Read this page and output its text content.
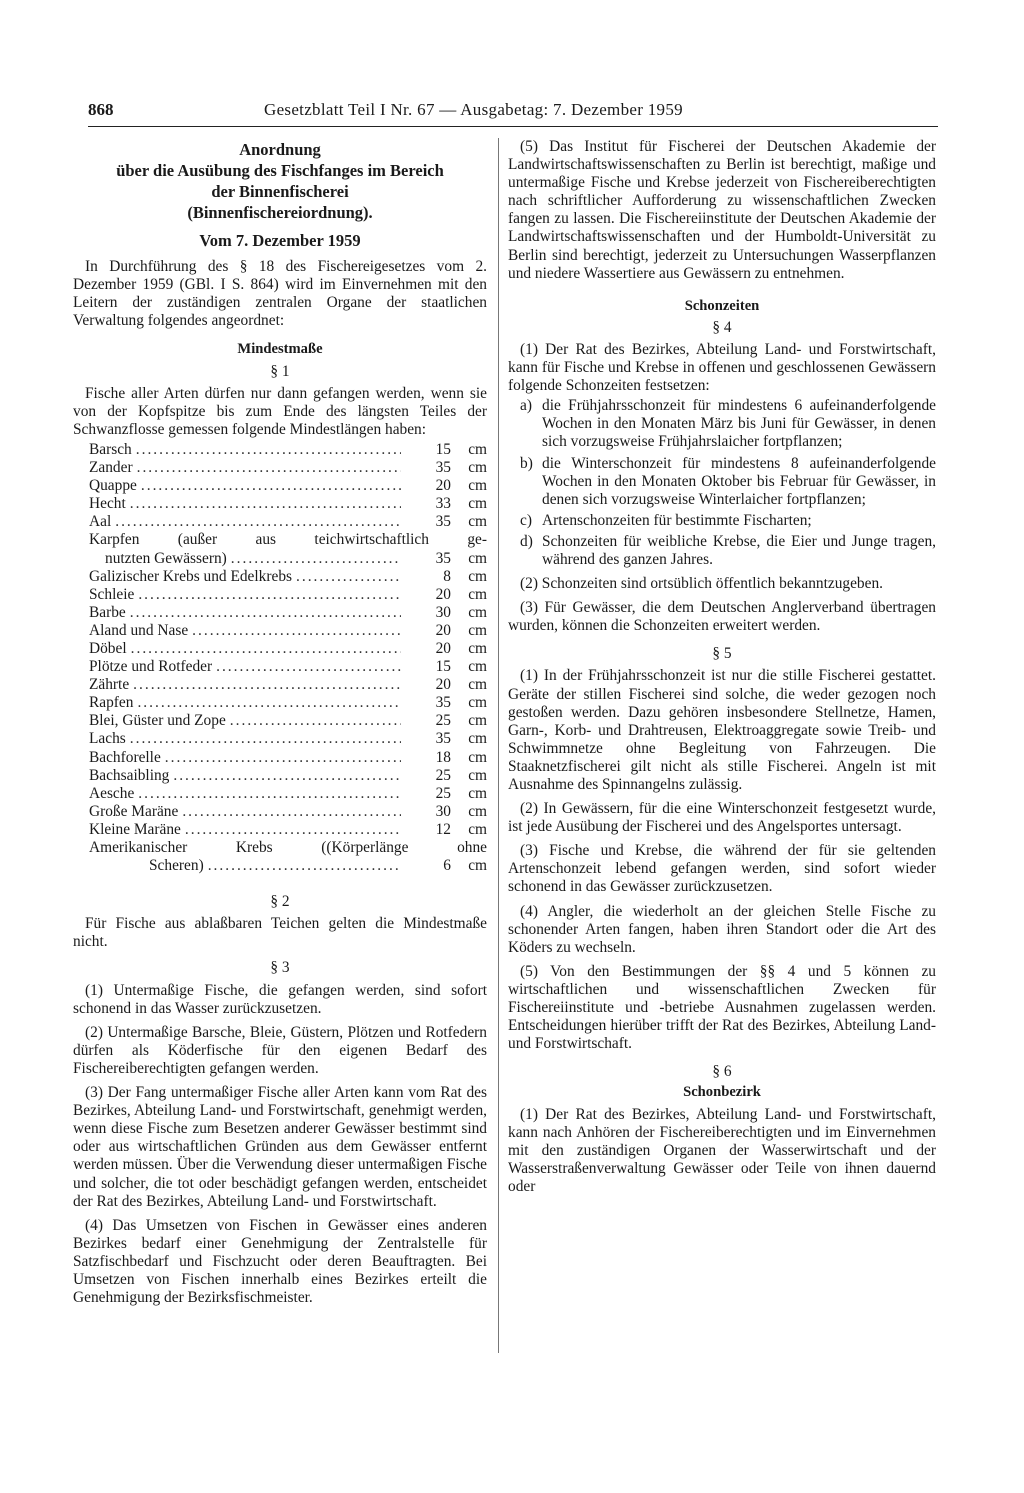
868	Gesetzblatt Teil I Nr. 67 — Ausgabetag: 7. Dezember 1959

Anordnung

über die Ausübung des Fischfanges im Bereich

der Binnenfischerei

(Binnenfischereiordnung).

Vom 7. Dezember 1959

In Durchführung des § 18 des Fischereigesetzes vom 2. Dezember 1959 (GBl. I S. 864) wird im Einvernehmen mit den Leitern der zuständigen zentralen Organe der staatlichen Verwaltung folgendes angeordnet:

Mindestmaße

§ 1

Fische aller Arten dürfen nur dann gefangen werden, wenn sie von der Kopfspitze bis zum Ende des längsten Teiles der Schwanzflosse gemessen folgende Mindestlängen haben:

Barsch .....	15	cm
Zander .....	35	cm
Quappe .....	20	cm
Hecht .....	33	cm
Aal .....	35	cm
Karpfen (außer aus teichwirtschaftlich ge-
nutzten Gewässern) .....	35	cm
Galizischer Krebs und Edelkrebs .....	8	cm
Schleie .....	20	cm
Barbe .....	30	cm
Aland und Nase .....	20	cm
Döbel .....	20	cm
Plötze und Rotfeder .....	15	cm
Zährte .....	20	cm
Rapfen .....	35	cm
Blei, Güster und Zope .....	25	cm
Lachs .....	35	cm
Bachforelle .....	18	cm
Bachsaibling .....	25	cm
Aesche .....	25	cm
Große Maräne .....	30	cm
Kleine Maräne .....	12	cm
Amerikanischer Krebs ((Körperlänge ohne
Scheren) .....	6	cm

§ 2

Für Fische aus ablaßbaren Teichen gelten die Mindestmaße nicht.

§ 3

(1) Untermaßige Fische, die gefangen werden, sind sofort schonend in das Wasser zurückzusetzen.

(2) Untermaßige Barsche, Bleie, Güstern, Plötzen und Rotfedern dürfen als Köderfische für den eigenen Bedarf des Fischereiberechtigten gefangen werden.

(3) Der Fang untermaßiger Fische aller Arten kann vom Rat des Bezirkes, Abteilung Land- und Forstwirtschaft, genehmigt werden, wenn diese Fische zum Besetzen anderer Gewässer bestimmt sind oder aus wirtschaftlichen Gründen aus dem Gewässer entfernt werden müssen. Über die Verwendung dieser untermaßigen Fische und solcher, die tot oder beschädigt gefangen werden, entscheidet der Rat des Bezirkes, Abteilung Land- und Forstwirtschaft.

(4) Das Umsetzen von Fischen in Gewässer eines anderen Bezirkes bedarf einer Genehmigung der Zentralstelle für Satzfischbedarf und Fischzucht oder deren Beauftragten. Bei Umsetzen von Fischen innerhalb eines Bezirkes erteilt die Genehmigung der Bezirksfischmeister.

(5) Das Institut für Fischerei der Deutschen Akademie der Landwirtschaftswissenschaften zu Berlin ist berechtigt, maßige und untermaßige Fische und Krebse jederzeit von Fischereiberechtigten nach schriftlicher Aufforderung zu wissenschaftlichen Zwecken fangen zu lassen. Die Fischereiinstitute der Deutschen Akademie der Landwirtschaftswissenschaften und der Humboldt-Universität zu Berlin sind berechtigt, jederzeit zu Untersuchungen Wasserpflanzen und niedere Wassertiere aus Gewässern zu entnehmen.

Schonzeiten

§ 4

(1) Der Rat des Bezirkes, Abteilung Land- und Forstwirtschaft, kann für Fische und Krebse in offenen und geschlossenen Gewässern folgende Schonzeiten festsetzen:

a) die Frühjahrsschonzeit für mindestens 6 aufeinanderfolgende Wochen in den Monaten März bis Juni für Gewässer, in denen sich vorzugsweise Frühjahrslaicher fortpflanzen;
b) die Winterschonzeit für mindestens 8 aufeinanderfolgende Wochen in den Monaten Oktober bis Februar für Gewässer, in denen sich vorzugsweise Winterlaicher fortpflanzen;
c) Artenschonzeiten für bestimmte Fischarten;
d) Schonzeiten für weibliche Krebse, die Eier und Junge tragen, während des ganzen Jahres.

(2) Schonzeiten sind ortsüblich öffentlich bekanntzugeben.

(3) Für Gewässer, die dem Deutschen Anglerverband übertragen wurden, können die Schonzeiten erweitert werden.

§ 5

(1) In der Frühjahrsschonzeit ist nur die stille Fischerei gestattet. Geräte der stillen Fischerei sind solche, die weder gezogen noch gestoßen werden. Dazu gehören insbesondere Stellnetze, Hamen, Garn-, Korb- und Drahtreusen, Elektroaggregate sowie Treib- und Schwimmnetze ohne Begleitung von Fahrzeugen. Die Staaknetzfischerei gilt nicht als stille Fischerei. Angeln ist mit Ausnahme des Spinnangelns zulässig.

(2) In Gewässern, für die eine Winterschonzeit festgesetzt wurde, ist jede Ausübung der Fischerei und des Angelsportes untersagt.

(3) Fische und Krebse, die während der für sie geltenden Artenschonzeit lebend gefangen werden, sind sofort wieder schonend in das Gewässer zurückzusetzen.

(4) Angler, die wiederholt an der gleichen Stelle Fische zu schonender Arten fangen, haben ihren Standort oder die Art des Köders zu wechseln.

(5) Von den Bestimmungen der §§ 4 und 5 können zu wirtschaftlichen und wissenschaftlichen Zwecken für Fischereiinstitute und -betriebe Ausnahmen zugelassen werden. Entscheidungen hierüber trifft der Rat des Bezirkes, Abteilung Land- und Forstwirtschaft.

§ 6

Schonbezirk

(1) Der Rat des Bezirkes, Abteilung Land- und Forstwirtschaft, kann nach Anhören der Fischereiberechtigten und im Einvernehmen mit den zuständigen Organen der Wasserwirtschaft und der Wasserstraßenverwaltung Gewässer oder Teile von ihnen dauernd oder
